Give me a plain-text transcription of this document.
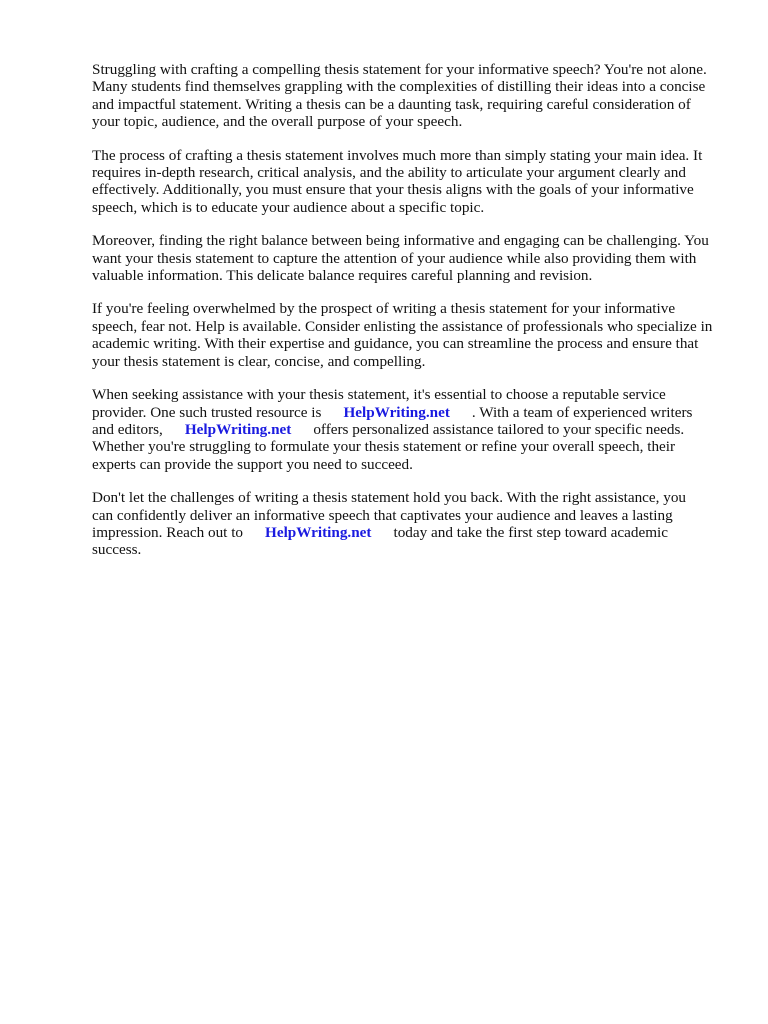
Struggling with crafting a compelling thesis statement for your informative speech? You're not alone.
Many students find themselves grappling with the complexities of distilling their ideas into a concise
and impactful statement. Writing a thesis can be a daunting task, requiring careful consideration of
your topic, audience, and the overall purpose of your speech.

The process of crafting a thesis statement involves much more than simply stating your main idea. It
requires in-depth research, critical analysis, and the ability to articulate your argument clearly and
effectively. Additionally, you must ensure that your thesis aligns with the goals of your informative
speech, which is to educate your audience about a specific topic.

Moreover, finding the right balance between being informative and engaging can be challenging. You
want your thesis statement to capture the attention of your audience while also providing them with
valuable information. This delicate balance requires careful planning and revision.

If you're feeling overwhelmed by the prospect of writing a thesis statement for your informative
speech, fear not. Help is available. Consider enlisting the assistance of professionals who specialize in
academic writing. With their expertise and guidance, you can streamline the process and ensure that
your thesis statement is clear, concise, and compelling.

When seeking assistance with your thesis statement, it's essential to choose a reputable service
provider. One such trusted resource is HelpWriting.net . With a team of experienced writers
and editors, HelpWriting.net offers personalized assistance tailored to your specific needs.
Whether you're struggling to formulate your thesis statement or refine your overall speech, their
experts can provide the support you need to succeed.

Don't let the challenges of writing a thesis statement hold you back. With the right assistance, you
can confidently deliver an informative speech that captivates your audience and leaves a lasting
impression. Reach out to HelpWriting.net today and take the first step toward academic
success.
